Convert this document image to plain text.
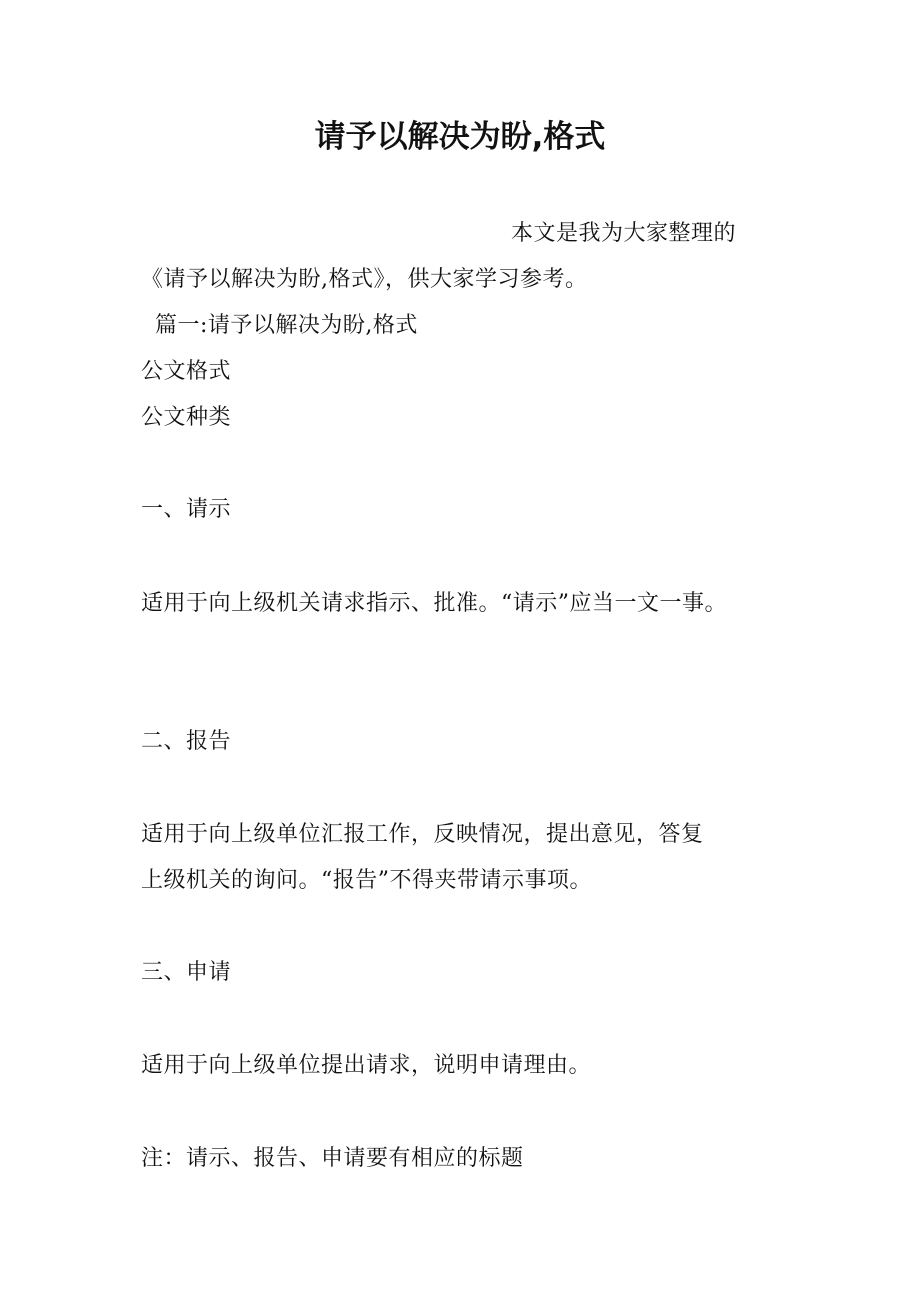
请予以解决为盼,格式
本文是我为大家整理的
《请予以解决为盼,格式》，供大家学习参考。
篇一:请予以解决为盼,格式
公文格式
公文种类
一、请示
适用于向上级机关请求指示、批准。“请示”应当一文一事。
二、报告
适用于向上级单位汇报工作，反映情况，提出意见，答复
上级机关的询问。“报告”不得夹带请示事项。
三、申请
适用于向上级单位提出请求，说明申请理由。
注：请示、报告、申请要有相应的标题
